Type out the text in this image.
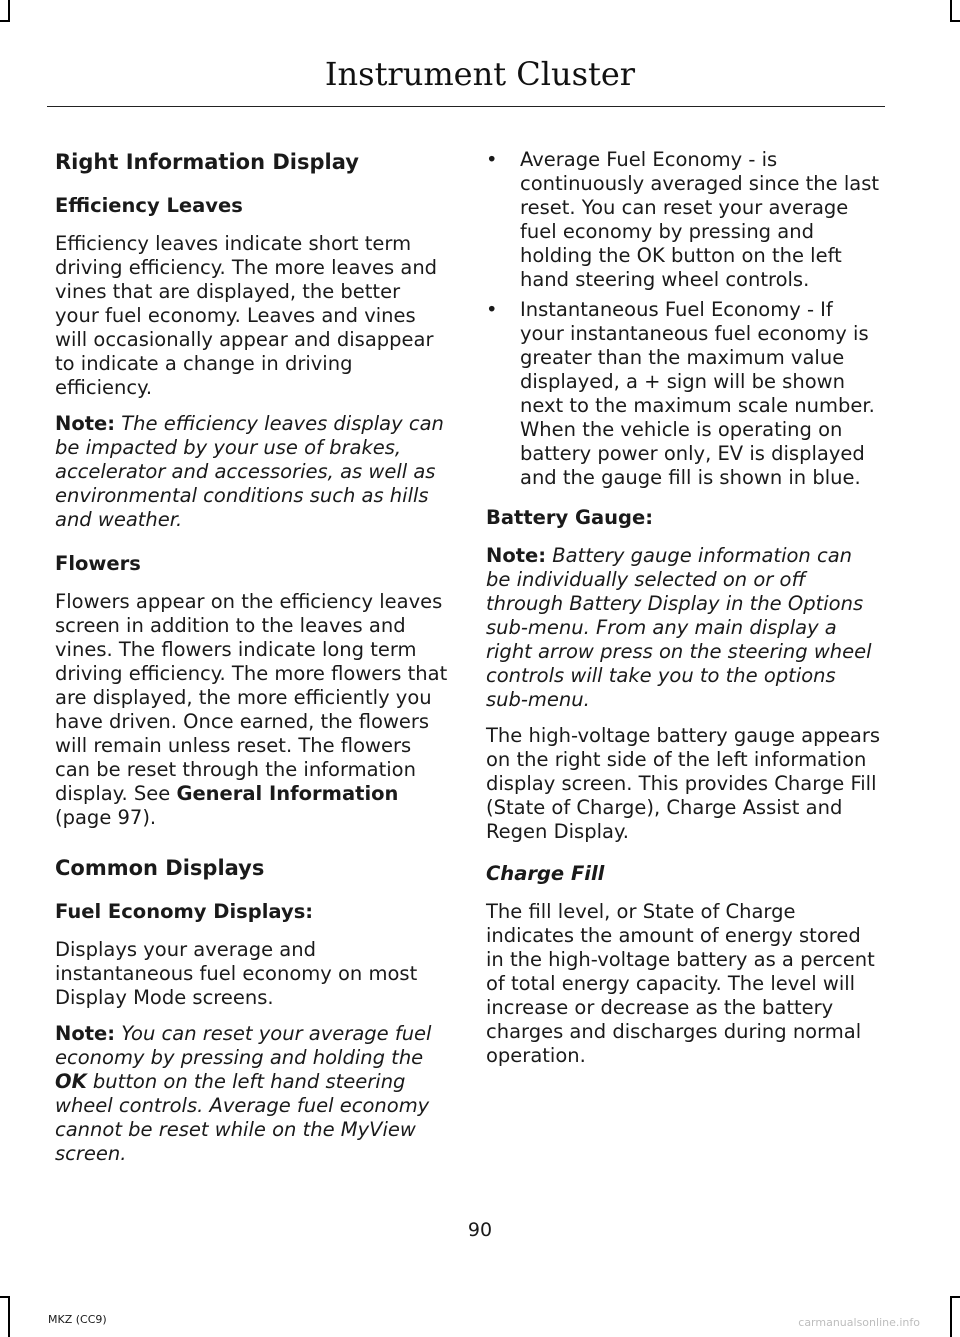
Instrument Cluster
Right Information Display
Efficiency Leaves

Efficiency leaves indicate short term driving efficiency. The more leaves and vines that are displayed, the better your fuel economy. Leaves and vines will occasionally appear and disappear to indicate a change in driving efficiency.

Note: The efficiency leaves display can be impacted by your use of brakes, accelerator and accessories, as well as environmental conditions such as hills and weather.

Flowers

Flowers appear on the efficiency leaves screen in addition to the leaves and vines. The flowers indicate long term driving efficiency. The more flowers that are displayed, the more efficiently you have driven. Once earned, the flowers will remain unless reset. The flowers can be reset through the information display. See General Information (page 97).

Common Displays
Fuel Economy Displays:

Displays your average and instantaneous fuel economy on most Display Mode screens.

Note: You can reset your average fuel economy by pressing and holding the OK button on the left hand steering wheel controls. Average fuel economy cannot be reset while on the MyView screen.

• Average Fuel Economy - is continuously averaged since the last reset. You can reset your average fuel economy by pressing and holding the OK button on the left hand steering wheel controls.
• Instantaneous Fuel Economy - If your instantaneous fuel economy is greater than the maximum value displayed, a + sign will be shown next to the maximum scale number. When the vehicle is operating on battery power only, EV is displayed and the gauge fill is shown in blue.
Battery Gauge:

Note: Battery gauge information can be individually selected on or off through Battery Display in the Options sub-menu. From any main display a right arrow press on the steering wheel controls will take you to the options sub-menu.

The high-voltage battery gauge appears on the right side of the left information display screen. This provides Charge Fill (State of Charge), Charge Assist and Regen Display.

Charge Fill

The fill level, or State of Charge indicates the amount of energy stored in the high-voltage battery as a percent of total energy capacity. The level will increase or decrease as the battery charges and discharges during normal operation.

90
MKZ (CC9)	carmanualsonline.info
